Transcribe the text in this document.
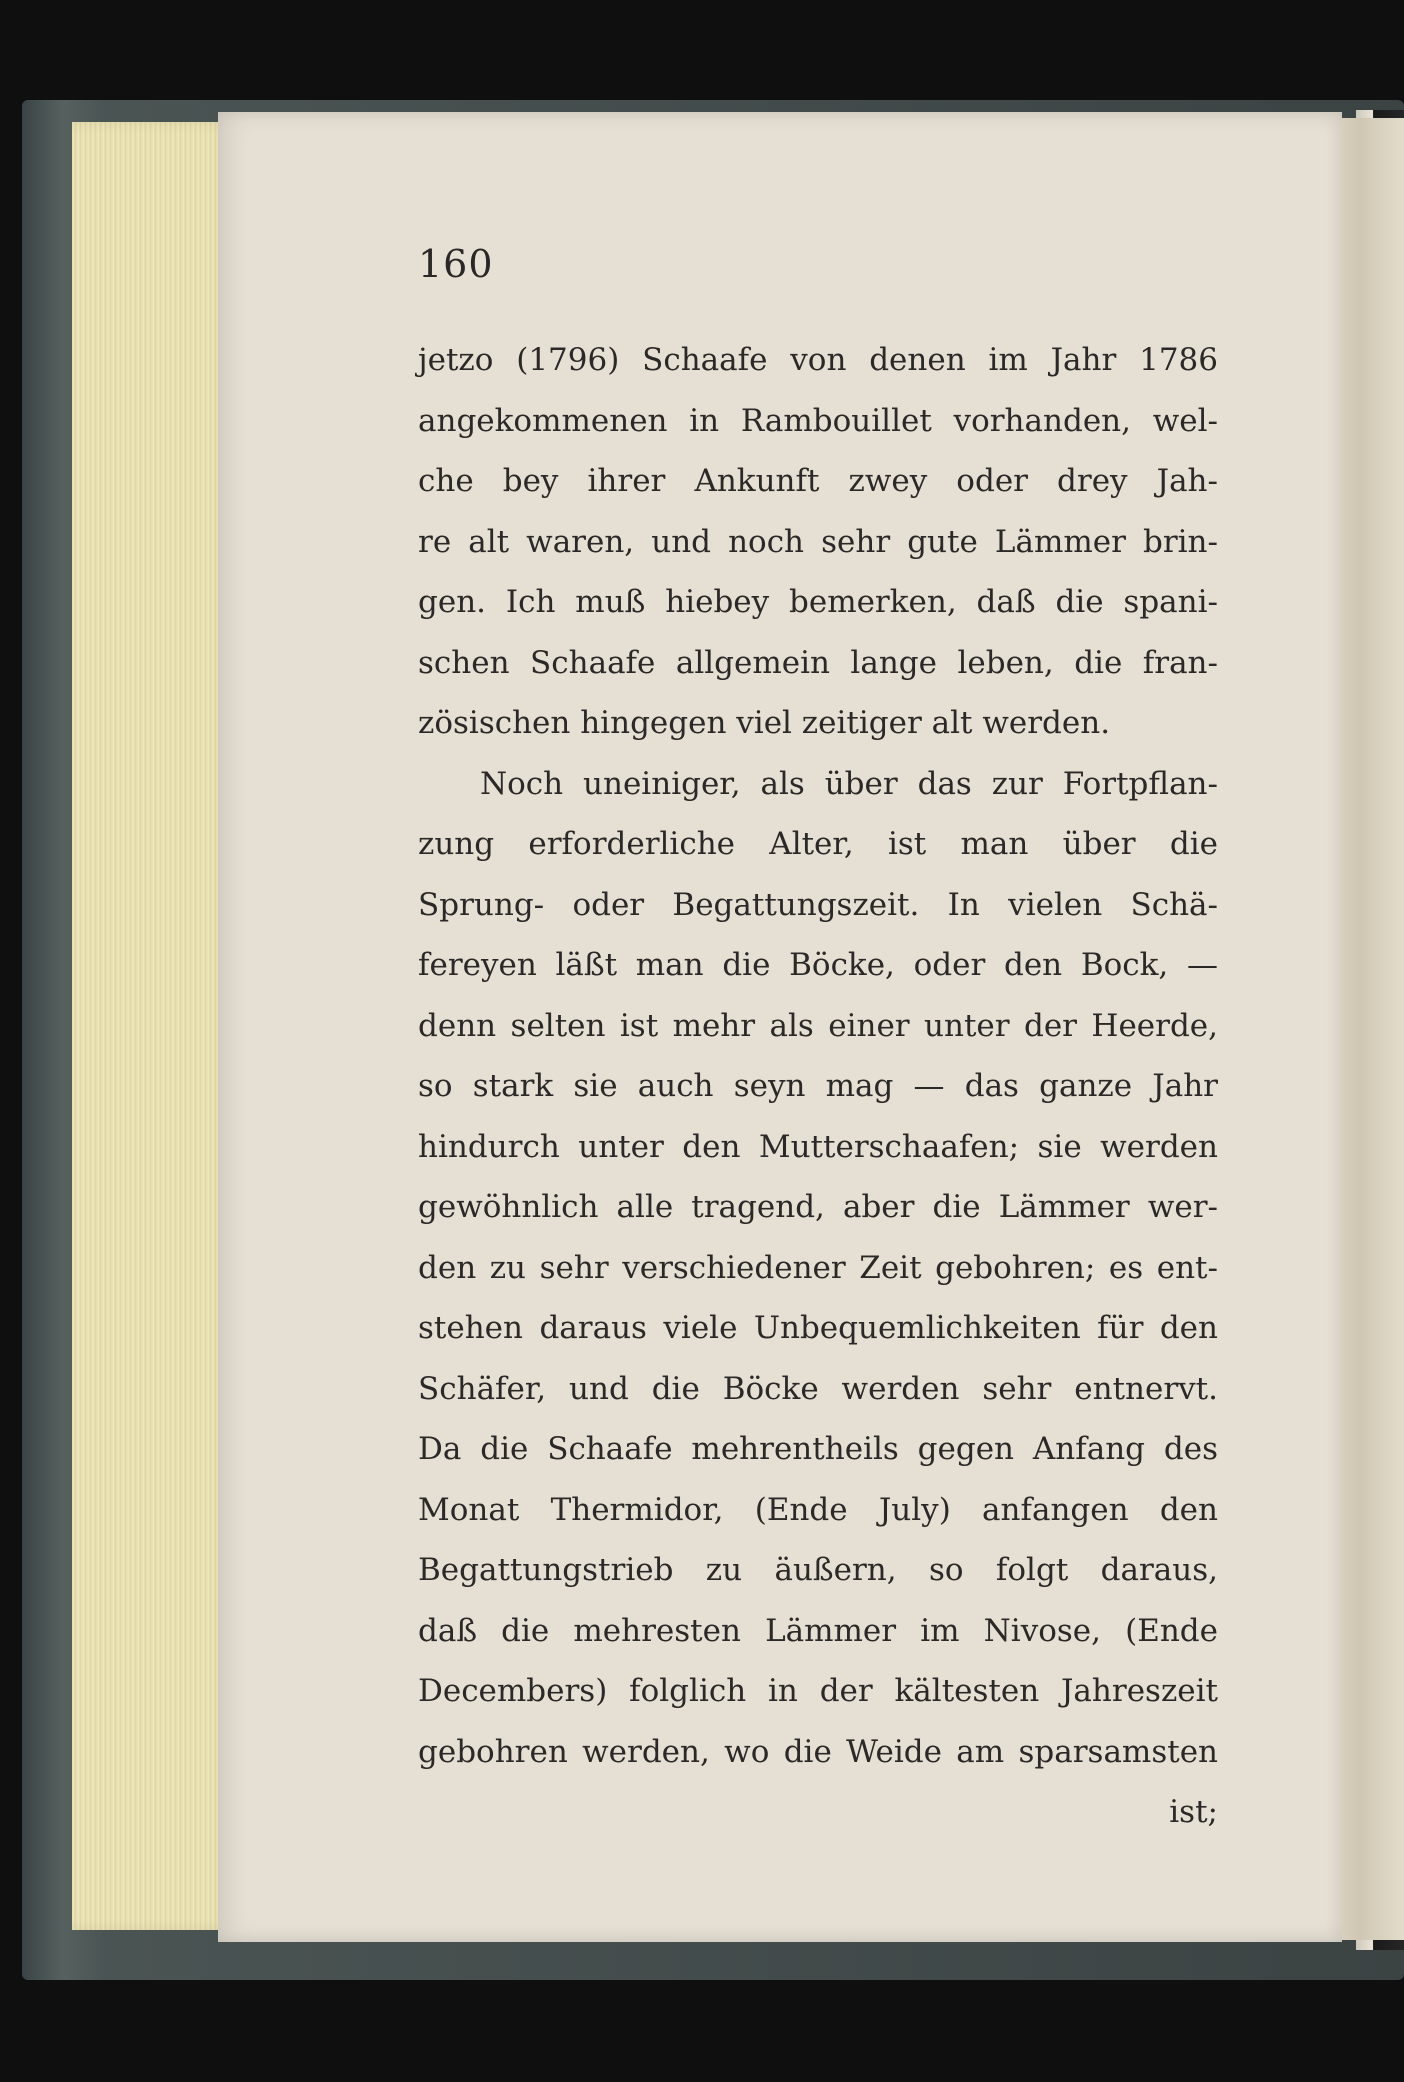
160
jetzo (1796) Schaafe von denen im Jahr 1786
angekommenen in Rambouillet vorhanden, wel-
che bey ihrer Ankunft zwey oder drey Jah-
re alt waren, und noch sehr gute Lämmer brin-
gen. Ich muß hiebey bemerken, daß die spani-
schen Schaafe allgemein lange leben, die fran-
zösischen hingegen viel zeitiger alt werden.
Noch uneiniger, als über das zur Fortpflan-
zung erforderliche Alter, ist man über die
Sprung- oder Begattungszeit. In vielen Schä-
fereyen läßt man die Böcke, oder den Bock, —
denn selten ist mehr als einer unter der Heerde,
so stark sie auch seyn mag — das ganze Jahr
hindurch unter den Mutterschaafen; sie werden
gewöhnlich alle tragend, aber die Lämmer wer-
den zu sehr verschiedener Zeit gebohren; es ent-
stehen daraus viele Unbequemlichkeiten für den
Schäfer, und die Böcke werden sehr entnervt.
Da die Schaafe mehrentheils gegen Anfang des
Monat Thermidor, (Ende July) anfangen den
Begattungstrieb zu äußern, so folgt daraus,
daß die mehresten Lämmer im Nivose, (Ende
Decembers) folglich in der kältesten Jahreszeit
gebohren werden, wo die Weide am sparsamsten
ist;
